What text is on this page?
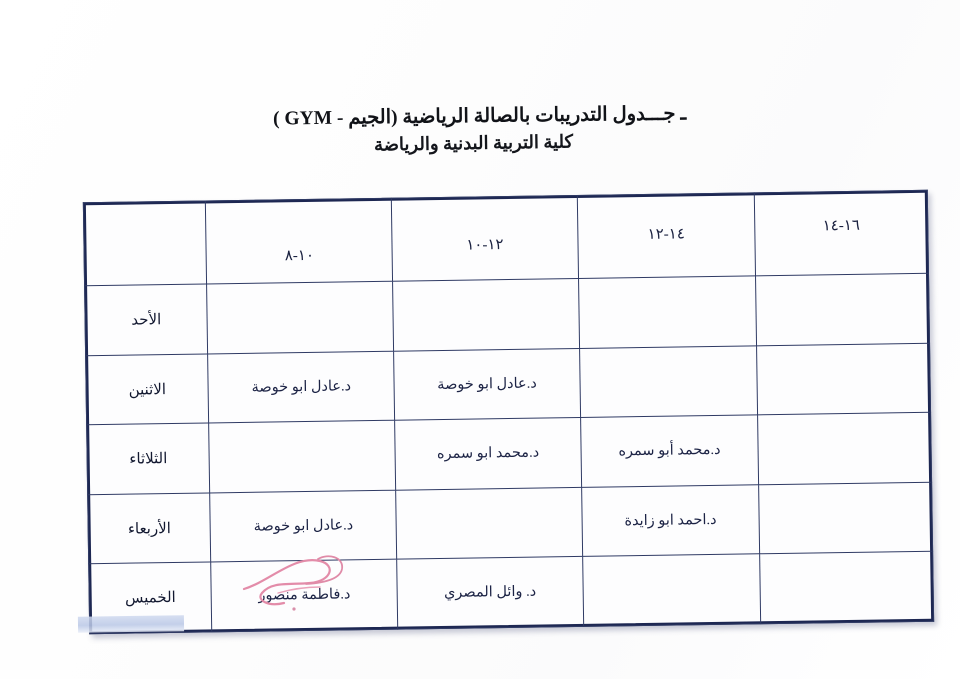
ـ جـــدول التدريبات بالصالة الرياضية (الجيم - GYM )
كلية التربية البدنية والرياضة
١٦-١٤	١٤-١٢	١٢-١٠	١٠-٨	
				الأحد
		د.عادل ابو خوصة	د.عادل ابو خوصة	الاثنين
	د.محمد أبو سمره	د.محمد ابو سمره		الثلاثاء
	د.احمد ابو زايدة		د.عادل ابو خوصة	الأربعاء
		د. وائل المصري	د.فاطمة منصور	الخميس
